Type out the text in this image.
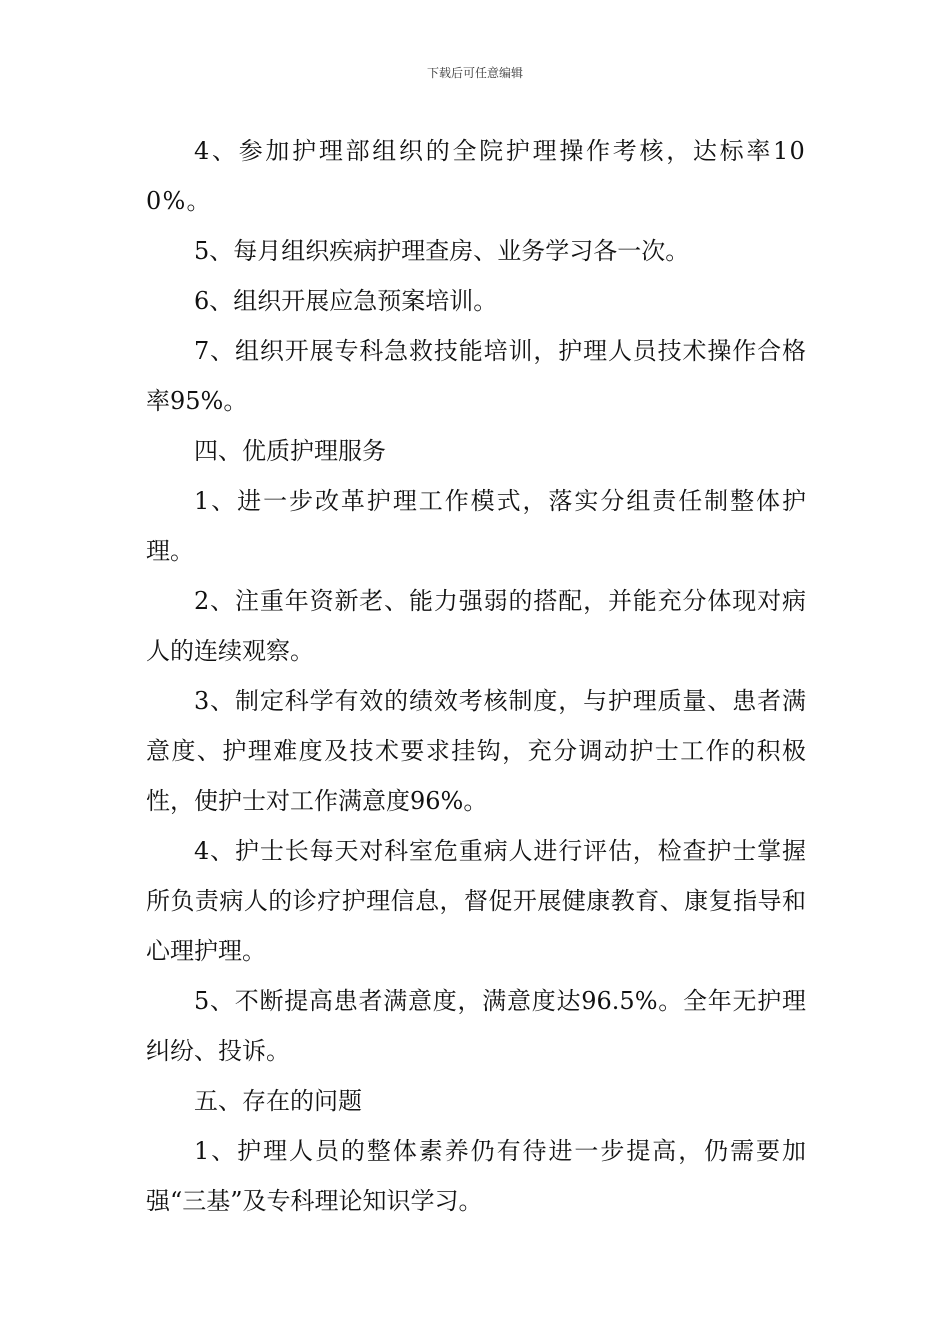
下载后可任意编辑

4、参加护理部组织的全院护理操作考核，达标率100%。

5、每月组织疾病护理查房、业务学习各一次。

6、组织开展应急预案培训。

7、组织开展专科急救技能培训，护理人员技术操作合格率95%。

四、优质护理服务

1、进一步改革护理工作模式，落实分组责任制整体护理。

2、注重年资新老、能力强弱的搭配，并能充分体现对病人的连续观察。

3、制定科学有效的绩效考核制度，与护理质量、患者满意度、护理难度及技术要求挂钩，充分调动护士工作的积极性，使护士对工作满意度96%。

4、护士长每天对科室危重病人进行评估，检查护士掌握所负责病人的诊疗护理信息，督促开展健康教育、康复指导和心理护理。

5、不断提高患者满意度，满意度达96.5%。全年无护理纠纷、投诉。

五、存在的问题

1、护理人员的整体素养仍有待进一步提高，仍需要加强“三基”及专科理论知识学习。
